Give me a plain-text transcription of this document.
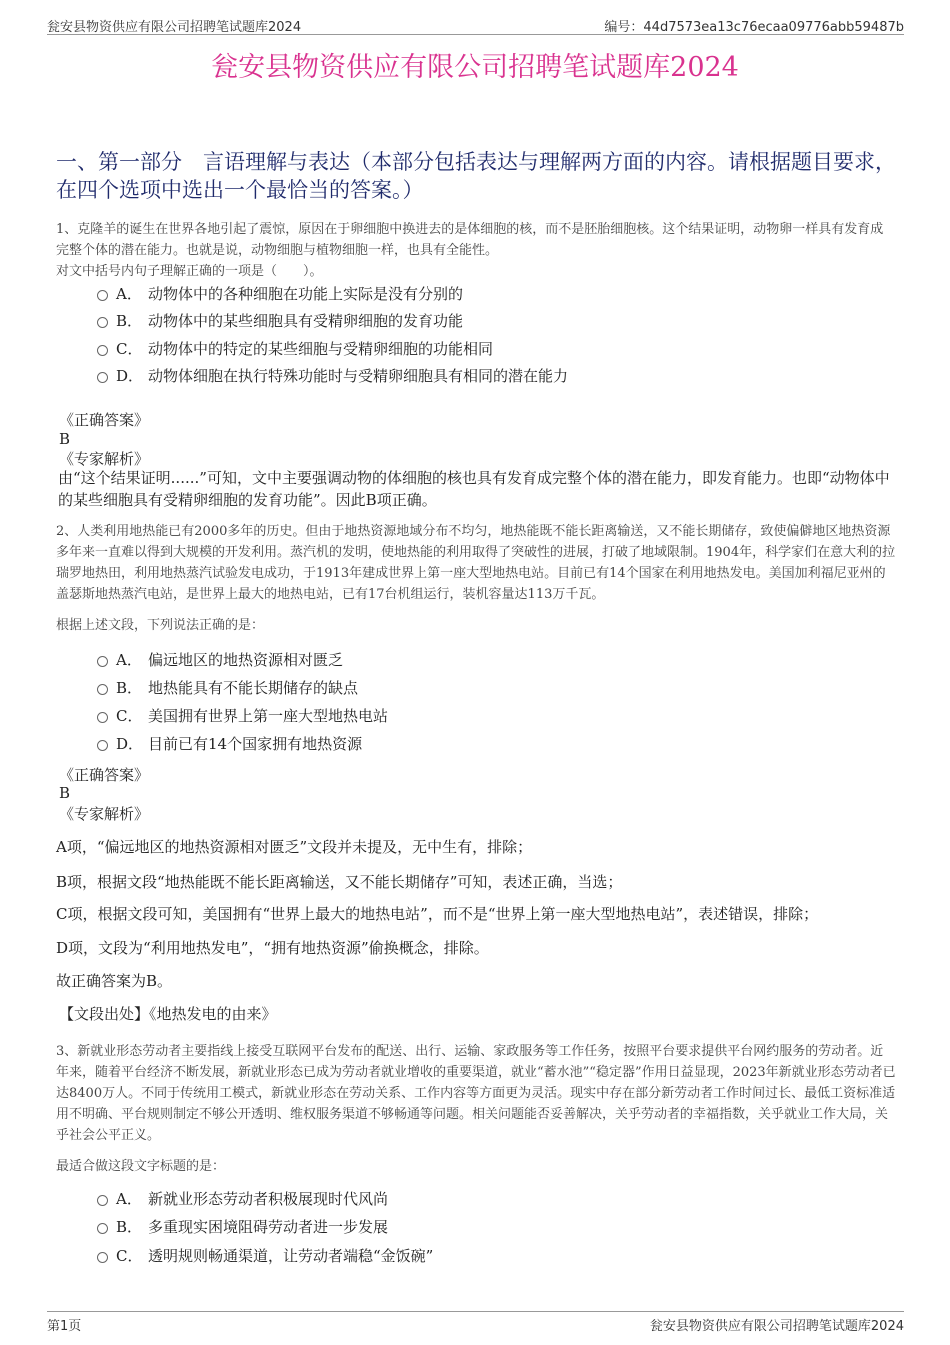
瓮安县物资供应有限公司招聘笔试题库2024	编号：44d7573ea13c76ecaa09776abb59487b
瓮安县物资供应有限公司招聘笔试题库2024
一、第一部分　言语理解与表达（本部分包括表达与理解两方面的内容。请根据题目要求，在四个选项中选出一个最恰当的答案。）
1、克隆羊的诞生在世界各地引起了震惊，原因在于卵细胞中换进去的是体细胞的核，而不是胚胎细胞核。这个结果证明，动物卵一样具有发育成完整个体的潜在能力。也就是说，动物细胞与植物细胞一样，也具有全能性。
对文中括号内句子理解正确的一项是（　　）。
A． 动物体中的各种细胞在功能上实际是没有分别的
B． 动物体中的某些细胞具有受精卵细胞的发育功能
C． 动物体中的特定的某些细胞与受精卵细胞的功能相同
D． 动物体细胞在执行特殊功能时与受精卵细胞具有相同的潜在能力
《正确答案》
B
《专家解析》
由“这个结果证明......”可知，文中主要强调动物的体细胞的核也具有发育成完整个体的潜在能力，即发育能力。也即“动物体中的某些细胞具有受精卵细胞的发育功能”。因此B项正确。
2、人类利用地热能已有2000多年的历史。但由于地热资源地域分布不均匀，地热能既不能长距离输送，又不能长期储存，致使偏僻地区地热资源多年来一直难以得到大规模的开发利用。蒸汽机的发明，使地热能的利用取得了突破性的进展，打破了地域限制。1904年，科学家们在意大利的拉瑞罗地热田，利用地热蒸汽试验发电成功，于1913年建成世界上第一座大型地热电站。目前已有14个国家在利用地热发电。美国加利福尼亚州的盖瑟斯地热蒸汽电站，是世界上最大的地热电站，已有17台机组运行，装机容量达113万千瓦。
根据上述文段，下列说法正确的是：
A． 偏远地区的地热资源相对匮乏
B． 地热能具有不能长期储存的缺点
C． 美国拥有世界上第一座大型地热电站
D． 目前已有14个国家拥有地热资源
《正确答案》
B
《专家解析》
A项，“偏远地区的地热资源相对匮乏”文段并未提及，无中生有，排除；
B项，根据文段“地热能既不能长距离输送，又不能长期储存”可知，表述正确，当选；
C项，根据文段可知，美国拥有“世界上最大的地热电站”，而不是“世界上第一座大型地热电站”，表述错误，排除；
D项，文段为“利用地热发电”，“拥有地热资源”偷换概念，排除。
故正确答案为B。
【文段出处】《地热发电的由来》
3、新就业形态劳动者主要指线上接受互联网平台发布的配送、出行、运输、家政服务等工作任务，按照平台要求提供平台网约服务的劳动者。近年来，随着平台经济不断发展，新就业形态已成为劳动者就业增收的重要渠道，就业“蓄水池”“稳定器”作用日益显现，2023年新就业形态劳动者已达8400万人。不同于传统用工模式，新就业形态在劳动关系、工作内容等方面更为灵活。现实中存在部分新劳动者工作时间过长、最低工资标准适用不明确、平台规则制定不够公开透明、维权服务渠道不够畅通等问题。相关问题能否妥善解决，关乎劳动者的幸福指数，关乎就业工作大局，关乎社会公平正义。
最适合做这段文字标题的是：
A． 新就业形态劳动者积极展现时代风尚
B． 多重现实困境阻碍劳动者进一步发展
C． 透明规则畅通渠道，让劳动者端稳“金饭碗”
第1页	瓮安县物资供应有限公司招聘笔试题库2024
